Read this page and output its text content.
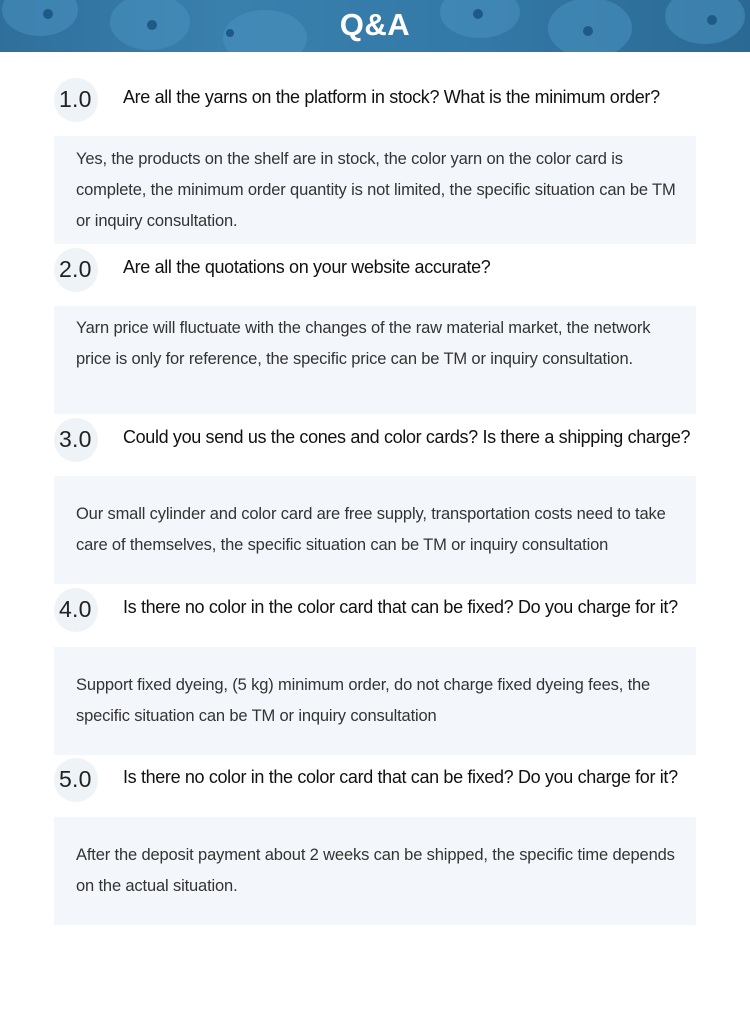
Q&A
1.0 Are all the yarns on the platform in stock? What is the minimum order?

Yes, the products on the shelf are in stock, the color yarn on the color card is complete, the minimum order quantity is not limited, the specific situation can be TM or inquiry consultation.

2.0 Are all the quotations on your website accurate?

Yarn price will fluctuate with the changes of the raw material market, the network price is only for reference, the specific price can be TM or inquiry consultation.

3.0 Could you send us the cones and color cards? Is there a shipping charge?

Our small cylinder and color card are free supply, transportation costs need to take care of themselves, the specific situation can be TM or inquiry consultation

4.0 Is there no color in the color card that can be fixed? Do you charge for it?

Support fixed dyeing, (5 kg) minimum order, do not charge fixed dyeing fees, the specific situation can be TM or inquiry consultation

5.0 Is there no color in the color card that can be fixed? Do you charge for it?

After the deposit payment about 2 weeks can be shipped, the specific time depends on the actual situation.
